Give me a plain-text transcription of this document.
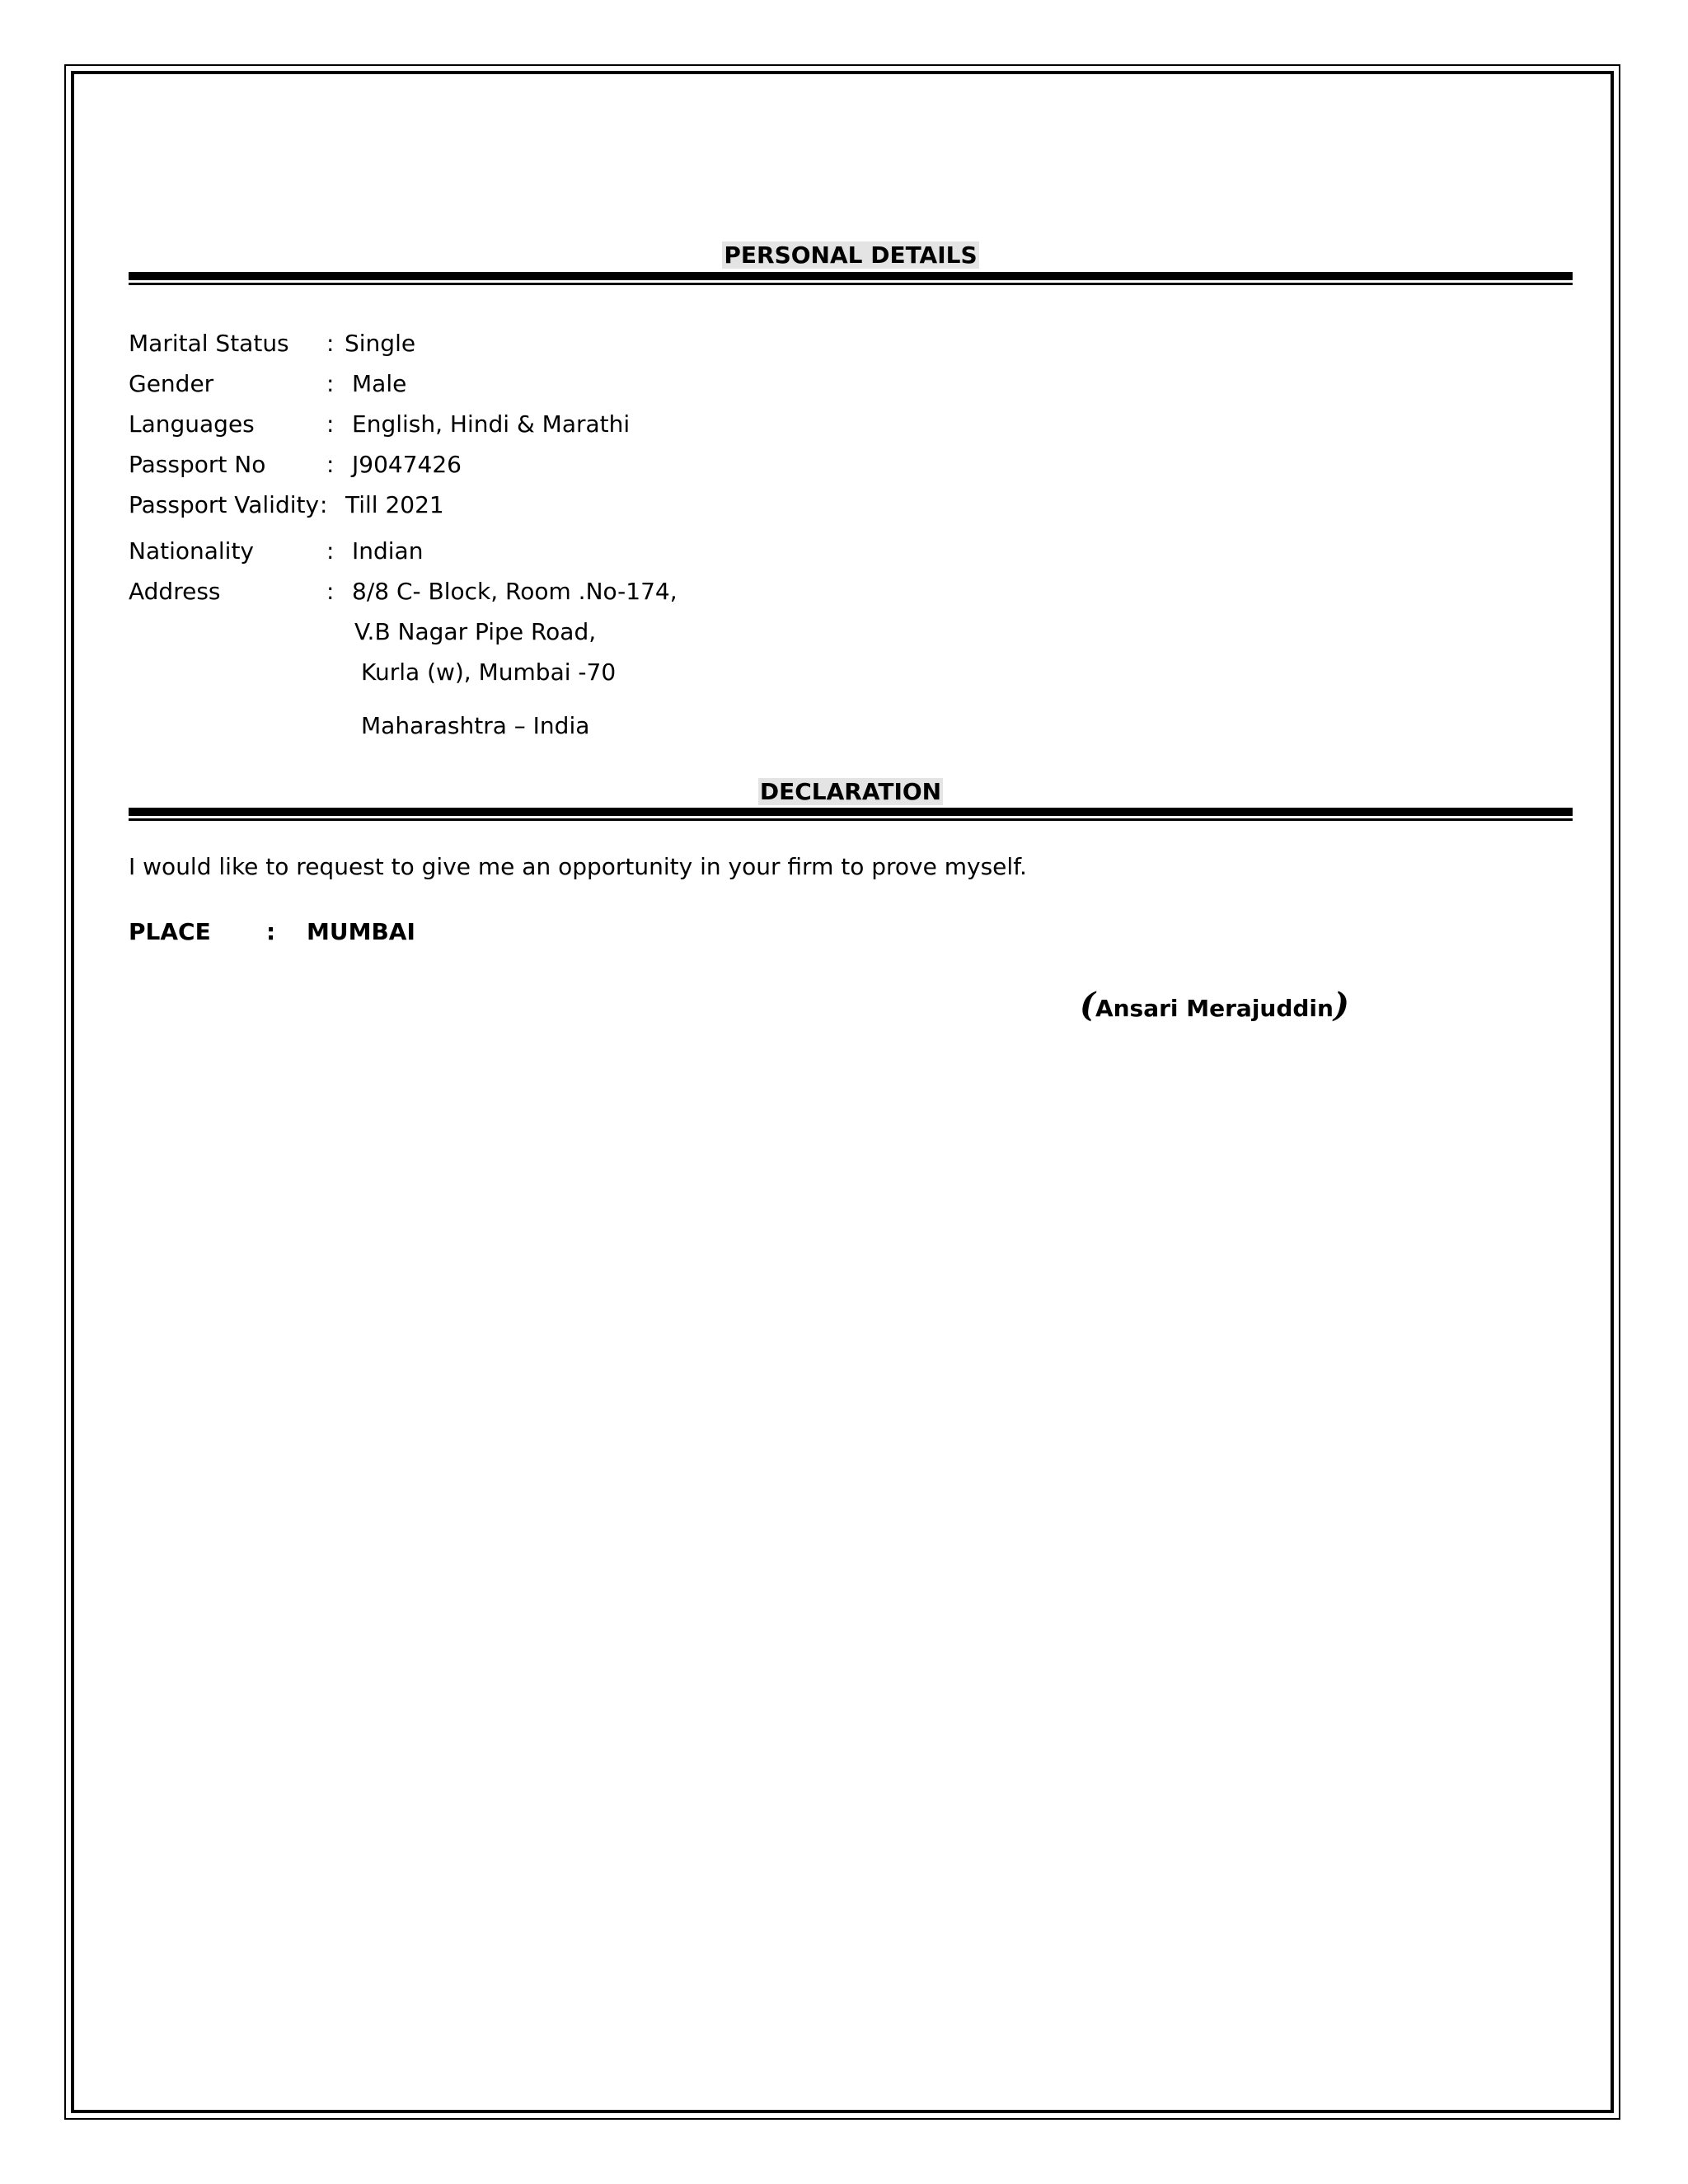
PERSONAL DETAILS
Marital Status : Single
Gender	: Male
Languages	: English, Hindi & Marathi
Passport No	: J9047426
Passport Validity : Till 2021
Nationality	: Indian
Address	: 8/8 C- Block, Room .No-174,
V.B Nagar Pipe Road,
Kurla (w), Mumbai -70
Maharashtra – India
DECLARATION
I would like to request to give me an opportunity in your firm to prove myself.
PLACE : MUMBAI
(Ansari Merajuddin)
